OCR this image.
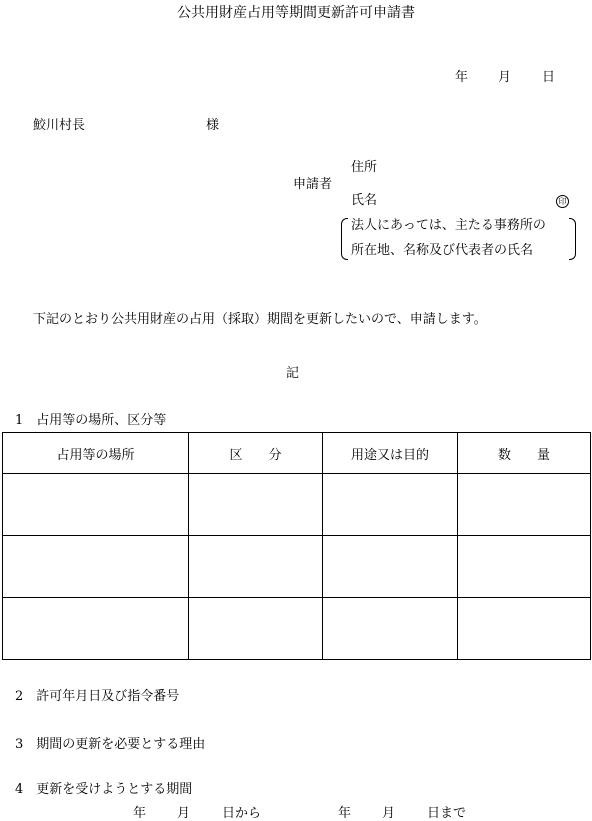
公共用財産占用等期間更新許可申請書
年 月 日
鮫川村長	様
申請者
住所
氏名	印
法人にあっては、主たる事務所の
所在地、名称及び代表者の氏名
下記のとおり公共用財産の占用（採取）期間を更新したいので、申請します。
記
1　占用等の場所、区分等
占用等の場所	区　　分	用途又は目的	数　　量

2　許可年月日及び指令番号
3　期間の更新を必要とする理由
4　更新を受けようとする期間
年 月 日から	年 月 日まで
